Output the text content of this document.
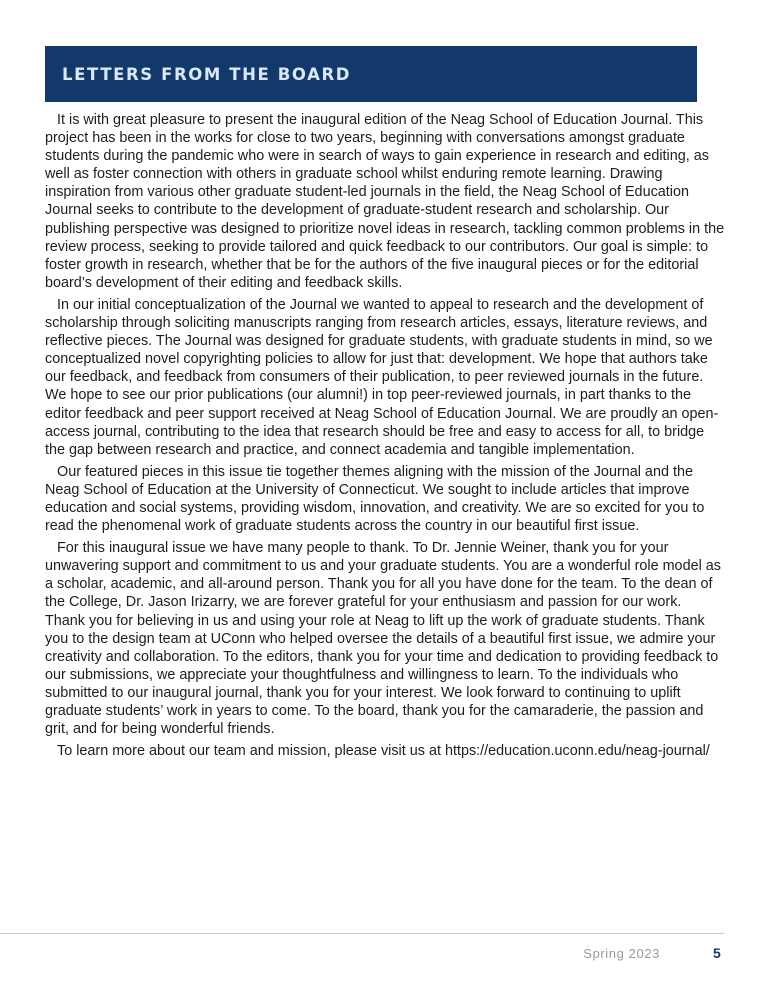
LETTERS FROM THE BOARD

It is with great pleasure to present the inaugural edition of the Neag School of Education Journal. This project has been in the works for close to two years, beginning with conversations amongst graduate students during the pandemic who were in search of ways to gain experience in research and editing, as well as foster connection with others in graduate school whilst enduring remote learning. Drawing inspiration from various other graduate student-led journals in the field, the Neag School of Education Journal seeks to contribute to the development of graduate-student research and scholarship. Our publishing perspective was designed to prioritize novel ideas in research, tackling common problems in the review process, seeking to provide tailored and quick feedback to our contributors. Our goal is simple: to foster growth in research, whether that be for the authors of the five inaugural pieces or for the editorial board’s development of their editing and feedback skills.

In our initial conceptualization of the Journal we wanted to appeal to research and the development of scholarship through soliciting manuscripts ranging from research articles, essays, literature reviews, and reflective pieces. The Journal was designed for graduate students, with graduate students in mind, so we conceptualized novel copyrighting policies to allow for just that: development. We hope that authors take our feedback, and feedback from consumers of their publication, to peer reviewed journals in the future. We hope to see our prior publications (our alumni!) in top peer-reviewed journals, in part thanks to the editor feedback and peer support received at Neag School of Education Journal. We are proudly an open-access journal, contributing to the idea that research should be free and easy to access for all, to bridge the gap between research and practice, and connect academia and tangible implementation.

Our featured pieces in this issue tie together themes aligning with the mission of the Journal and the Neag School of Education at the University of Connecticut. We sought to include articles that improve education and social systems, providing wisdom, innovation, and creativity. We are so excited for you to read the phenomenal work of graduate students across the country in our beautiful first issue.

For this inaugural issue we have many people to thank. To Dr. Jennie Weiner, thank you for your unwavering support and commitment to us and your graduate students. You are a wonderful role model as a scholar, academic, and all-around person. Thank you for all you have done for the team. To the dean of the College, Dr. Jason Irizarry, we are forever grateful for your enthusiasm and passion for our work. Thank you for believing in us and using your role at Neag to lift up the work of graduate students. Thank you to the design team at UConn who helped oversee the details of a beautiful first issue, we admire your creativity and collaboration. To the editors, thank you for your time and dedication to providing feedback to our submissions, we appreciate your thoughtfulness and willingness to learn. To the individuals who submitted to our inaugural journal, thank you for your interest. We look forward to continuing to uplift graduate students’ work in years to come. To the board, thank you for the camaraderie, the passion and grit, and for being wonderful friends.

To learn more about our team and mission, please visit us at https://education.uconn.edu/neag-journal/

Spring 2023	5
